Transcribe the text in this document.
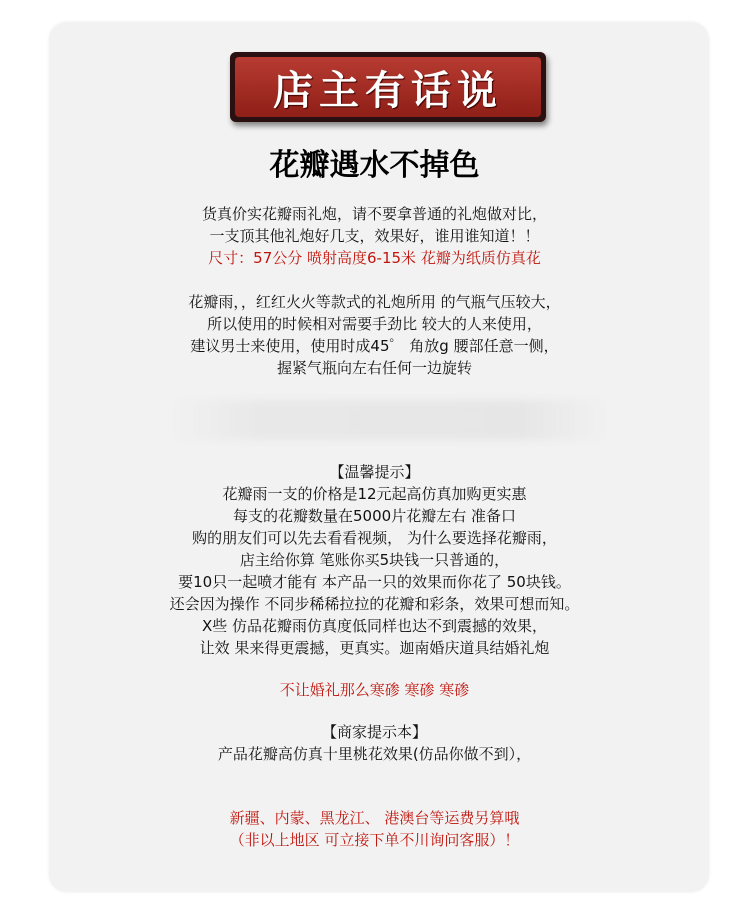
店主有话说
花瓣遇水不掉色
货真价实花瓣雨礼炮，请不要拿普通的礼炮做对比，
一支顶其他礼炮好几支，效果好，谁用谁知道！！
尺寸：57公分 喷射高度6-15米 花瓣为纸质仿真花
花瓣雨，，红红火火等款式的礼炮所用 的气瓶气压较大，
所以使用的时候相对需要手劲比 较大的人来使用，
建议男士来使用，使用时成45゜ 角放g 腰部任意一侧，
握紧气瓶向左右任何一边旋转
【温馨提示】
花瓣雨一支的价格是12元起高仿真加购更实惠
每支的花瓣数量在5000片花瓣左右 准备口
购的朋友们可以先去看看视频， 为什么要选择花瓣雨，
店主给你算 笔账你买5块钱一只普通的，
要10只一起喷才能有 本产品一只的效果而你花了 50块钱。
还会因为操作 不同步稀稀拉拉的花瓣和彩条，效果可想而知。
X些 仿品花瓣雨仿真度低同样也达不到震撼的效果，
让效 果来得更震撼，更真实。迦南婚庆道具结婚礼炮
不让婚礼那么寒碜 寒碜 寒碜
【商家提示本】
产品花瓣高仿真十里桃花效果(仿品你做不到），
新疆、内蒙、黑龙江、 港澳台等运费另算哦
（非以上地区 可立接下单不川询问客服）！
